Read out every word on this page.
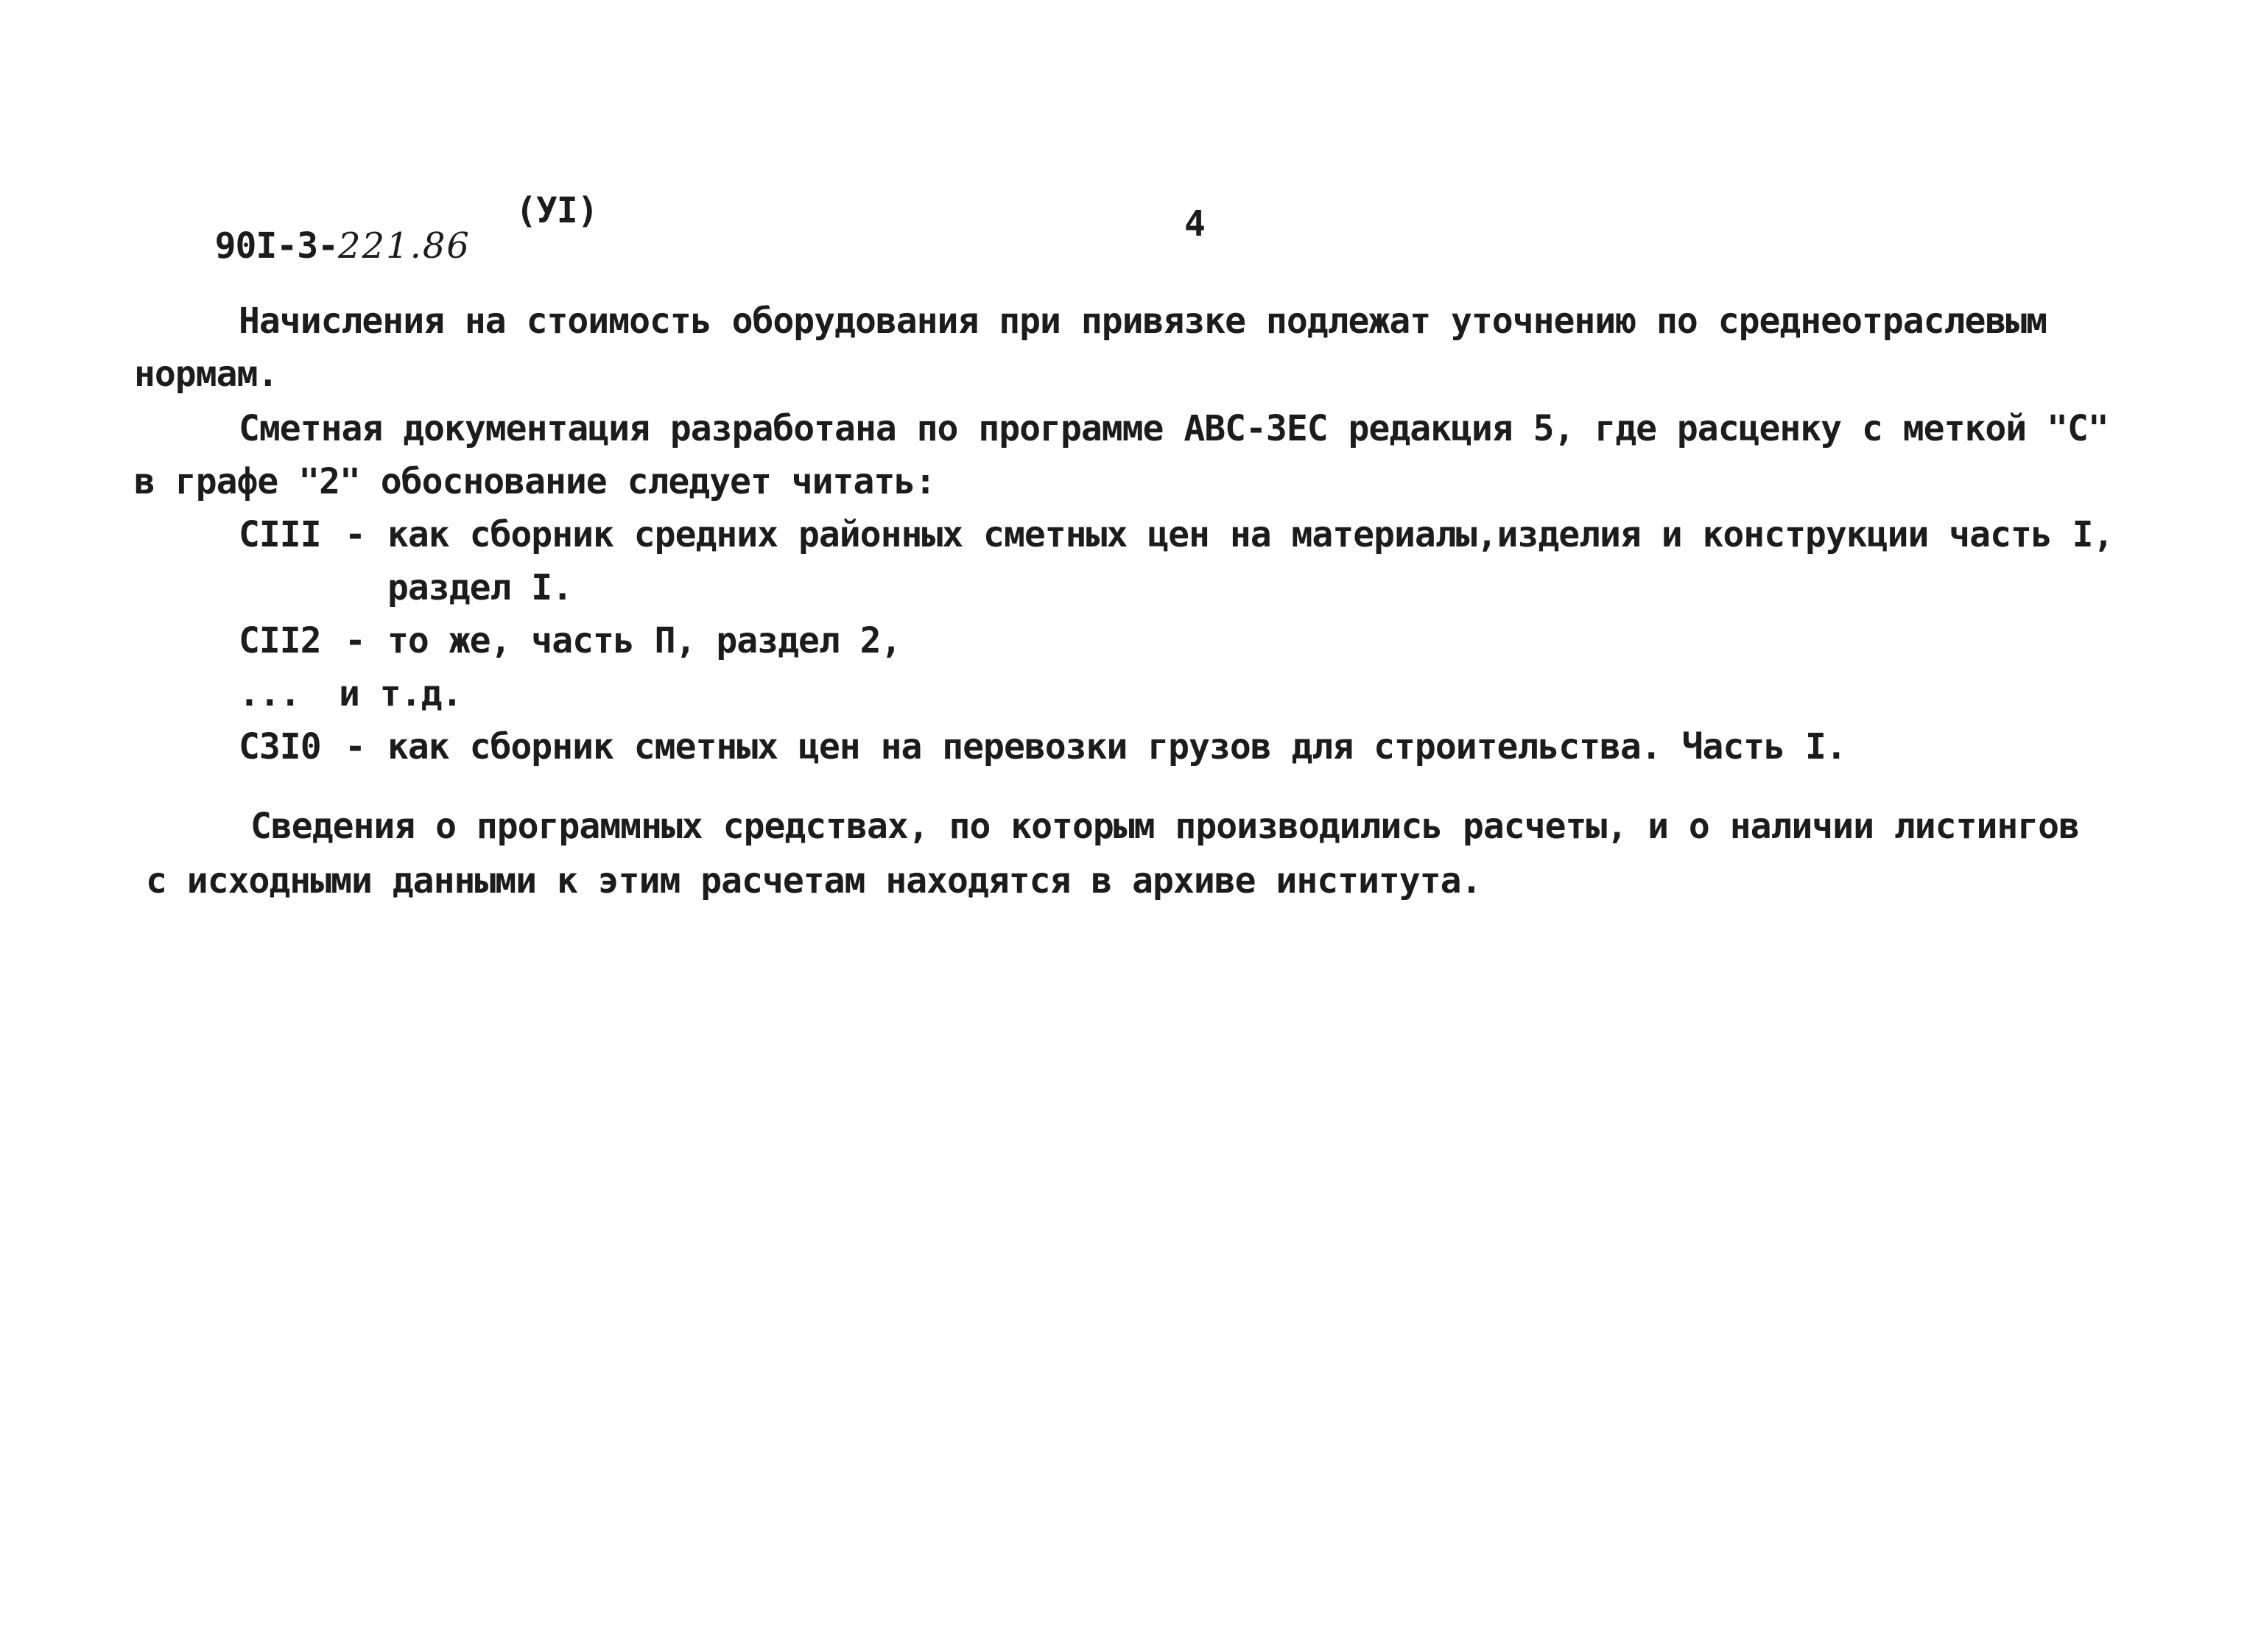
90I-3-221.86

(УI)	4
Начисления на стоимость оборудования при привязке подлежат уточнению по среднеотраслевым
нормам.
Сметная документация разработана по программе АВС-3ЕС редакция 5, где расценку с меткой "С"
в графе "2" обоснование следует читать:
СIII - как сборник средних районных сметных цен на материалы,изделия и конструкции часть I,
раздел I.
СII2 - то же, часть П, раздел 2,
... и т.д.
С3I0 - как сборник сметных цен на перевозки грузов для строительства. Часть I.
Сведения о программных средствах, по которым производились расчеты, и о наличии листингов
с исходными данными к этим расчетам находятся в архиве института.
